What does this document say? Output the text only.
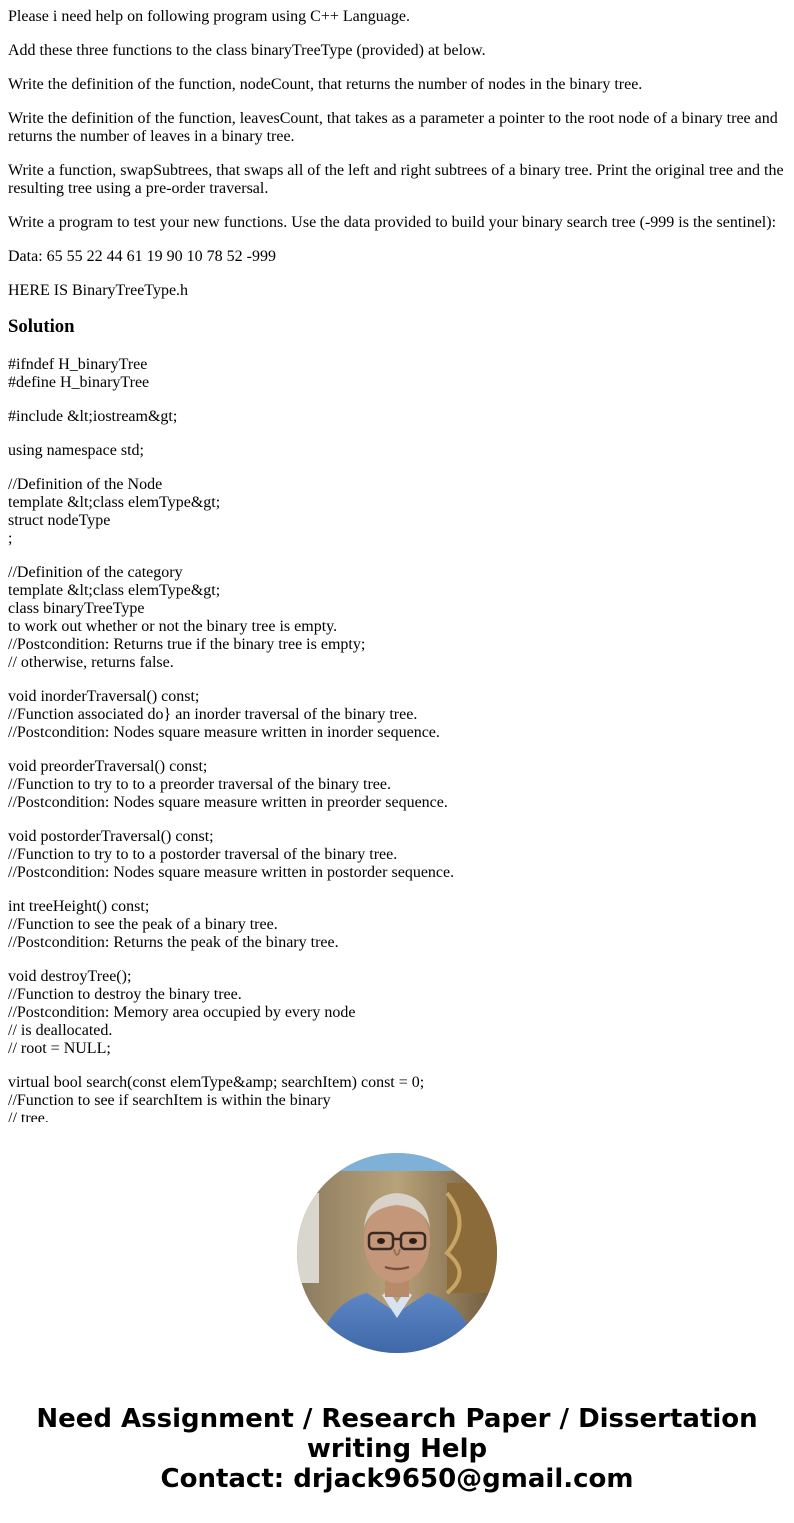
Please i need help on following program using C++ Language.

Add these three functions to the class binaryTreeType (provided) at below.

Write the definition of the function, nodeCount, that returns the number of nodes in the binary tree.

Write the definition of the function, leavesCount, that takes as a parameter a pointer to the root node of a binary tree and returns the number of leaves in a binary tree.

Write a function, swapSubtrees, that swaps all of the left and right subtrees of a binary tree. Print the original tree and the resulting tree using a pre-order traversal.

Write a program to test your new functions. Use the data provided to build your binary search tree (-999 is the sentinel):

Data: 65 55 22 44 61 19 90 10 78 52 -999

HERE IS BinaryTreeType.h

Solution
#ifndef H_binaryTree
#define H_binaryTree
#include &lt;iostream&gt;
using namespace std;
//Definition of the Node
template &lt;class elemType&gt;
struct nodeType
;
//Definition of the category
template &lt;class elemType&gt;
class binaryTreeType
to work out whether or not the binary tree is empty.
//Postcondition: Returns true if the binary tree is empty;
// otherwise, returns false.
void inorderTraversal() const;
//Function associated do} an inorder traversal of the binary tree.
//Postcondition: Nodes square measure written in inorder sequence.
void preorderTraversal() const;
//Function to try to to a preorder traversal of the binary tree.
//Postcondition: Nodes square measure written in preorder sequence.
void postorderTraversal() const;
//Function to try to to a postorder traversal of the binary tree.
//Postcondition: Nodes square measure written in postorder sequence.
int treeHeight() const;
//Function to see the peak of a binary tree.
//Postcondition: Returns the peak of the binary tree.
void destroyTree();
//Function to destroy the binary tree.
//Postcondition: Memory area occupied by every node
// is deallocated.
// root = NULL;
virtual bool search(const elemType&amp; searchItem) const = 0;
//Function to see if searchItem is within the binary
// tree.
Need Assignment / Research Paper / Dissertation
writing Help
Contact: drjack9650@gmail.com
